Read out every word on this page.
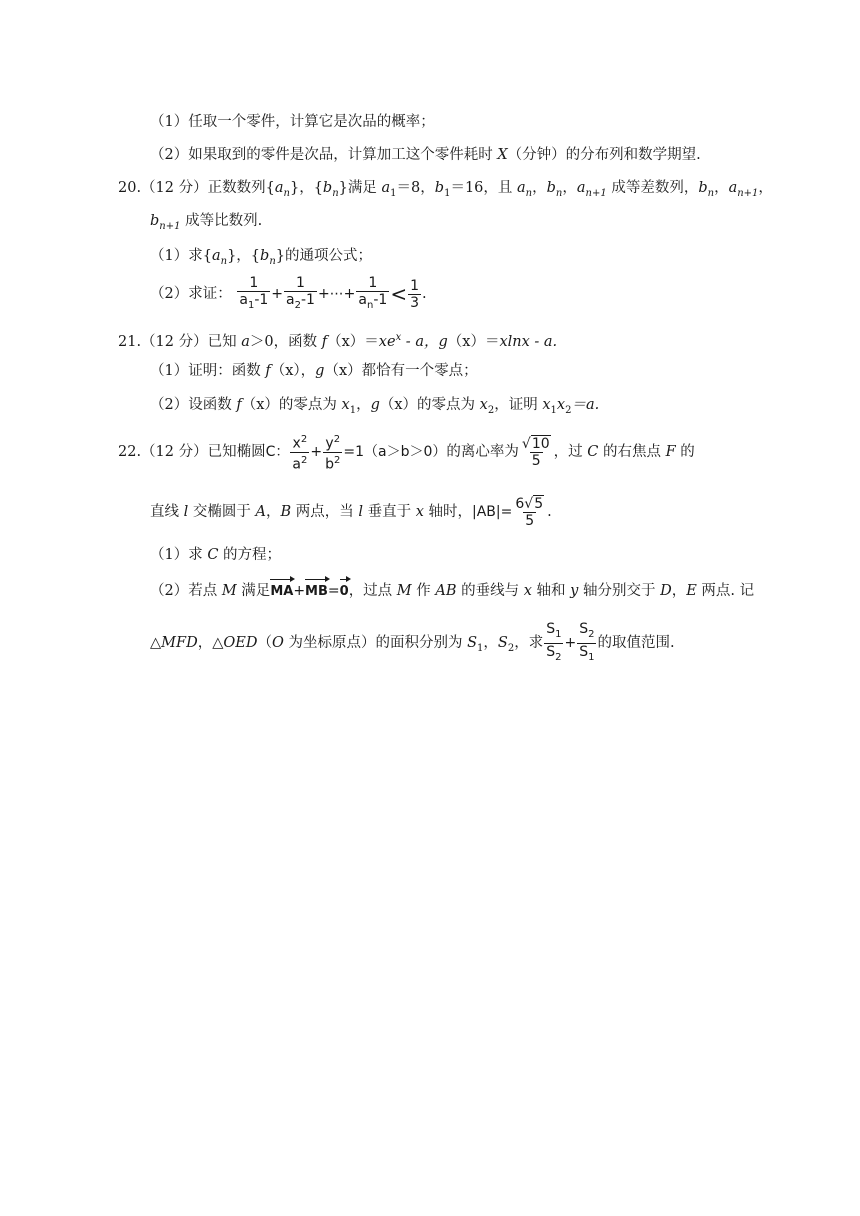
（1）任取一个零件，计算它是次品的概率；
（2）如果取到的零件是次品，计算加工这个零件耗时 X（分钟）的分布列和数学期望.
20.（12 分）正数数列$\{a_n\}$，$\{b_n\}$满足 $a_1=8$，$b_1=16$，且 $a_n$，$b_n$，$a_{n+1}$ 成等差数列，$b_n$，$a_{n+1}$，
$b_{n+1}$ 成等比数列.
（1）求$\{a_n\}$，$\{b_n\}$的通项公式；
（2）求证： $\frac{1}{a_1-1} + \frac{1}{a_2-1}$ +⋯+ $\frac{1}{a_n-1} < \frac{1}{3}$ .
21.（12 分）已知 a＞0，函数 $f(x)=xe^x - a$，g（x）＝xlnx - a.
（1）证明：函数 f（x），g（x）都恰有一个零点；
（2）设函数 f（x）的零点为 $x_1$，g（x）的零点为 $x_2$，证明 $x_1x_2=a$.
22.（12 分）已知椭圆C： $\frac{x^2}{a^2} + \frac{y^2}{b^2} =1(a>b>0)$的离心率为 $\frac{√10}{5}$ ，过 C 的右焦点 F 的
直线 l 交椭圆于 A，B 两点，当 l 垂直于 x 轴时，$|AB|= \frac{6√5}{5}$ .
（1）求 C 的方程；
（2）若点 M 满足MA+MB=0，过点 M 作 AB 的垂线与 x 轴和 y 轴分别交于 D，E 两点. 记
△MFD，△OED（O 为坐标原点）的面积分别为 $S_1$，$S_2$，求 $\frac{S_1}{S_2} + \frac{S_2}{S_1}$ 的取值范围.
